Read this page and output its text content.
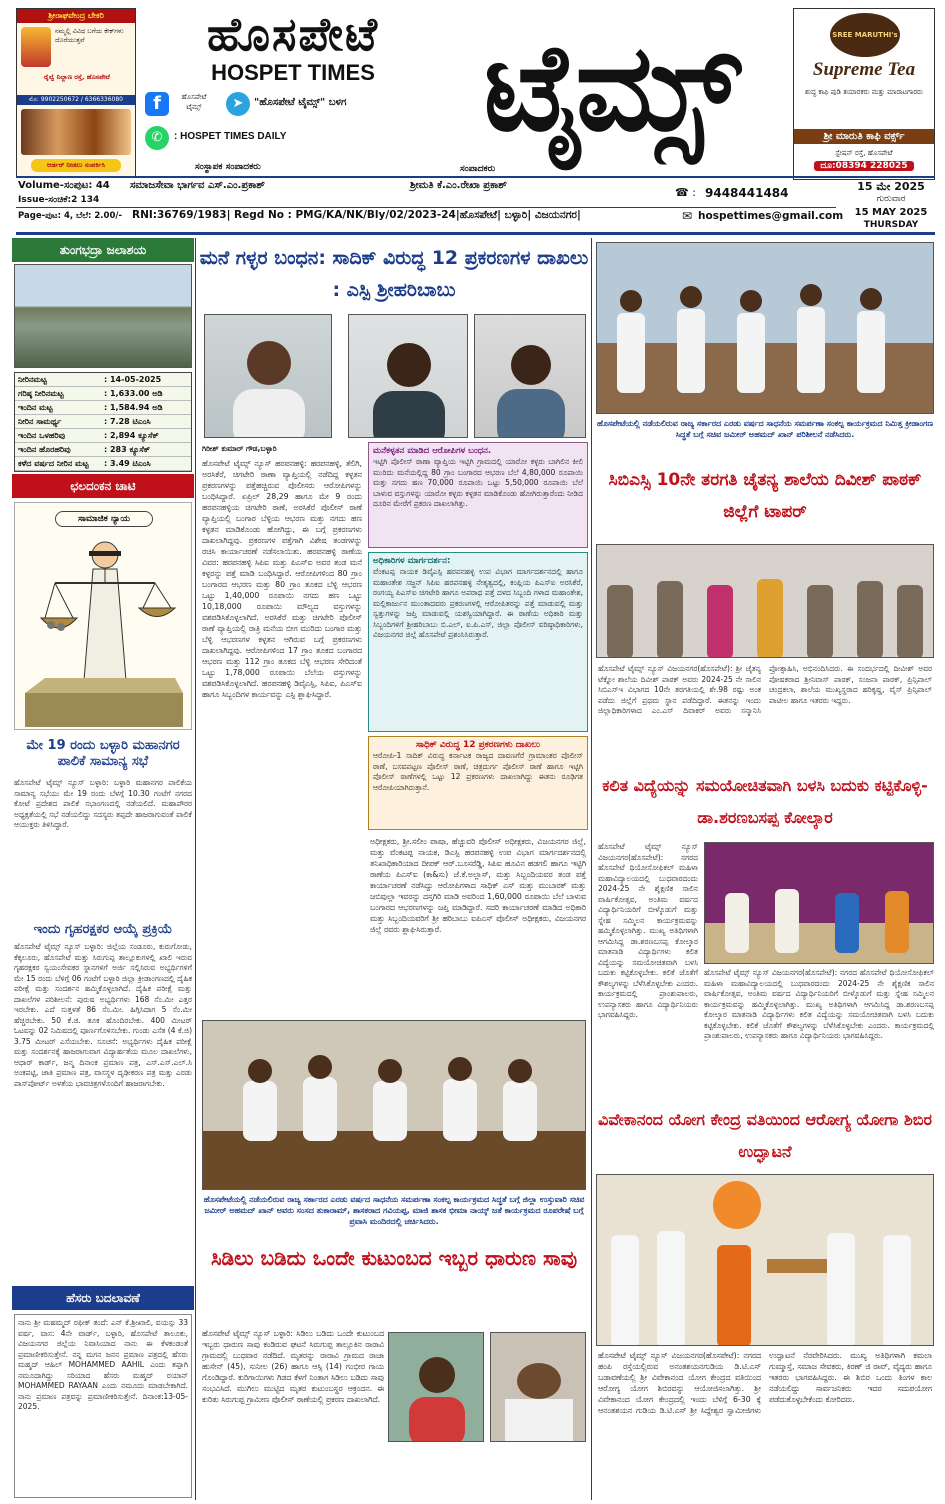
ಶ್ರೀರಾಘವೇಂದ್ರ ಬೇಕರಿ
ನಮ್ಮಲ್ಲಿ ವಿವಿಧ ಬಗೆಯ ಕೇಕ್‌ಗಳು ದೊರೆಯುತ್ತವೆ
ರೈಲ್ವೆ ನಿಲ್ದಾಣ ರಸ್ತೆ, ಹೊಸಪೇಟೆ
ಮೊ: 9902250672 / 6366336080
ಆರ್ಡರ್ ನೀಡಲು ಸಂಪರ್ಕಿಸಿ
ಹೊಸಪೇಟೆ
HOSPET TIMES ಟೈಮ್ಸ್
f	ಹೊಸಪೇಟೆ ಟೈಮ್ಸ್	➤	"ಹೊಸಪೇಟೆ ಟೈಮ್ಸ್" ಬಳಗ
✆	: HOSPET TIMES DAILY
SREE MARUTHI's
Supreme Tea
ಶುದ್ಧ ಕಾಫಿ ಪುಡಿ ತಯಾರಕರು ಮತ್ತು ಮಾರಾಟಗಾರರು
ಶ್ರೀ ಮಾರುತಿ ಕಾಫಿ ವರ್ಕ್ಸ್
ಸ್ಟೇಷನ್ ರಸ್ತೆ, ಹೊಸಪೇಟೆ
ದೂ:08394 228025
ಸಂಸ್ಥಾಪಕ ಸಂಪಾದಕರು	ಸಂಪಾದಕರು
Volume-ಸಂಪುಟ: 44 ಸಮಾಜಸೇವಾ ಭಾರ್ಗವ ಎಸ್.ಎಂ.ಪ್ರಕಾಶ್	ಶ್ರೀಮತಿ ಕೆ.ಎಂ.ರೇಖಾ ಪ್ರಕಾಶ್
☎ : 9448441484
Issue-ಸಂಚಿಕೆ:2 134
Page-ಪುಟ: 4, ಬೆಲೆ: 2.00/- RNI:36769/1983| Regd No : PMG/KA/NK/Bly/02/2023-24|ಹೊಸಪೇಟೆ| ಬಳ್ಳಾರಿ| ವಿಜಯನಗರ|	✉ hospettimes@gmail.com
15 ಮೇ 2025
ಗುರುವಾರ
15 MAY 2025
THURSDAY
ತುಂಗಭದ್ರಾ ಜಲಾಶಯ
ನೀರಿನಮಟ್ಟ	: 14-05-2025
ಗರಿಷ್ಠ ನೀರಿನಮಟ್ಟ	: 1,633.00 ಅಡಿ
ಇಂದಿನ ಮಟ್ಟ	: 1,584.94 ಅಡಿ
ನೀರಿನ ಸಾಮರ್ಥ್ಯ	: 7.28 ಟಿಎಂಸಿ
ಇಂದಿನ ಒಳಹರಿವು	: 2,894 ಕ್ಯೂಸೆಕ್
ಇಂದಿನ ಹೊರಹರಿವು	: 283 ಕ್ಯೂಸೆಕ್
ಕಳೆದ ವರ್ಷದ ನೀರಿನ ಮಟ್ಟ	: 3.49 ಟಿಎಂಸಿ
ಛಲದಂಕನ ಚಾಟಿ
ಸಾಮಾಜಿಕ ನ್ಯಾಯ
ಮೇ 19 ರಂದು ಬಳ್ಳಾರಿ ಮಹಾನಗರ ಪಾಲಿಕೆ ಸಾಮಾನ್ಯ ಸಭೆ
ಹೊಸಪೇಟೆ ಟೈಮ್ಸ್ ನ್ಯೂಸ್ ಬಳ್ಳಾರಿ: ಬಳ್ಳಾರಿ ಮಹಾನಗರ ಪಾಲಿಕೆಯ ಸಾಮಾನ್ಯ ಸಭೆಯು ಮೇ 19 ರಂದು ಬೆಳಗ್ಗೆ 10.30 ಗಂಟೆಗೆ ನಗರದ ಕೋಟೆ ಪ್ರದೇಶದ ಪಾಲಿಕೆ ಸಭಾಂಗಣದಲ್ಲಿ ನಡೆಯಲಿದೆ. ಮಹಾಪೌರರ ಅಧ್ಯಕ್ಷತೆಯಲ್ಲಿ ಸಭೆ ನಡೆಯಲಿದ್ದು ಸದಸ್ಯರು ತಪ್ಪದೇ ಹಾಜರಾಗುವಂತೆ ಪಾಲಿಕೆ ಆಯುಕ್ತರು ತಿಳಿಸಿದ್ದಾರೆ.
ಇಂದು ಗೃಹರಕ್ಷಕರ ಆಯ್ಕೆ ಪ್ರಕ್ರಿಯೆ
ಹೊಸಪೇಟೆ ಟೈಮ್ಸ್ ನ್ಯೂಸ್ ಬಳ್ಳಾರಿ: ಜಿಲ್ಲೆಯ ಸಂಡೂರು, ಕುರುಗೋಡು, ಕೆಕ್ಕಲೂರು, ಹೊಸಪೇಟೆ ಮತ್ತು ಸಿರುಗುಪ್ಪ ತಾಲ್ಲೂಕುಗಳಲ್ಲಿ ಖಾಲಿ ಇರುವ ಗೃಹರಕ್ಷಕರ ಸ್ವಯಂಸೇವಕರ ಸ್ಥಾನಗಳಿಗೆ ಅರ್ಜಿ ಸಲ್ಲಿಸಿರುವ ಅಭ್ಯರ್ಥಿಗಳಿಗೆ ಮೇ 15 ರಂದು ಬೆಳಿಗ್ಗೆ 06 ಗಂಟೆಗೆ ಬಳ್ಳಾರಿ ಜಿಲ್ಲಾ ಕ್ರೀಡಾಂಗಣದಲ್ಲಿ ದೈಹಿಕ ಪರೀಕ್ಷೆ ಮತ್ತು ಸಂದರ್ಶನ ಹಮ್ಮಿಕೊಳ್ಳಲಾಗಿದೆ. ದೈಹಿಕ ಪರೀಕ್ಷೆ ಮತ್ತು ದಾಖಲೆಗಳ ಪರಿಶೀಲನೆ: ಪುರುಷ ಅಭ್ಯರ್ಥಿಗಳು 168 ಸೆಂ.ಮೀ ಎತ್ತರ ಇರಬೇಕು. ಎದೆ ಸುತ್ತಳತೆ 86 ಸೆಂ.ಮೀ. ಹಿಗ್ಗಿಸಿದಾಗ 5 ಸೆಂ.ಮೀ ಹೆಚ್ಚಿರಬೇಕು. 50 ಕೆ.ಜಿ. ತೂಕ ಹೊಂದಿರಬೇಕು. 400 ಮೀಟರ್ ಓಟವನ್ನು 02 ನಿಮಿಷದಲ್ಲಿ ಪೂರ್ಣಗೊಳಿಸಬೇಕು. ಗುಂಡು ಎಸೆತ (4 ಕೆ.ಜಿ) 3.75 ಮೀಟರ್ ಎಸೆಯಬೇಕು. ಸೂಚನೆ: ಅಭ್ಯರ್ಥಿಗಳು ದೈಹಿಕ ಪರೀಕ್ಷೆ ಮತ್ತು ಸಂದರ್ಶನಕ್ಕೆ ಹಾಜರಾಗುವಾಗ ವಿದ್ಯಾರ್ಹತೆಯ ಮೂಲ ದಾಖಲೆಗಳು, ಆಧಾರ್ ಕಾರ್ಡ್, ಜನ್ಮ ದಿನಾಂಕ ಪ್ರಮಾಣ ಪತ್ರ, ಎಸ್.ಎಸ್.ಎಲ್.ಸಿ ಅಂಕಪಟ್ಟಿ, ಜಾತಿ ಪ್ರಮಾಣ ಪತ್ರ, ವಾಸಸ್ಥಳ ದೃಢೀಕರಣ ಪತ್ರ ಮತ್ತು ಎರಡು ಪಾಸ್‌ಪೋರ್ಟ್ ಅಳತೆಯ ಭಾವಚಿತ್ರಗಳೊಂದಿಗೆ ಹಾಜರಾಗಬೇಕು.
ಹೆಸರು ಬದಲಾವಣೆ
ನಾನು ಶ್ರೀ ಮಹಮ್ಮದ್ ರಫೀಕ್ ತಂದೆ: ಎನ್ ಕೆ.ಶ್ರೀಖಾಲಿ, ವಯಸ್ಸು 33 ವರ್ಷ, ವಾಸ: 4ನೇ ವಾರ್ಡ್, ಬಳ್ಳಾರಿ, ಹೊಸಪೇಟೆ ತಾಲೂಕು, ವಿಜಯನಗರ ಜಿಲ್ಲೆಯ ನಿವಾಸಿಯಾದ ನಾನು ಈ ಕೆಳಕಂಡಂತೆ ಪ್ರಮಾಣೀಕರಿಸುತ್ತೇನೆ. ನನ್ನ ಮಗನ ಜನನ ಪ್ರಮಾಣ ಪತ್ರದಲ್ಲಿ ಹೆಸರು ಮಹ್ಮದ್ ಆಹಿಲ್ MOHAMMED AAHIL ಎಂದು ತಪ್ಪಾಗಿ ನಮೂದಾಗಿದ್ದು ಸರಿಯಾದ ಹೆಸರು ಮಹ್ಮದ್ ರಯಾನ್ MOHAMMED RAYAAN ಎಂದು ನಮೂದು ಮಾಡಬೇಕಾಗಿದೆ. ನಾನು ಪ್ರಮಾಣ ಪತ್ರವನ್ನು ಪ್ರಮಾಣೀಕರಿಸುತ್ತೇನೆ. ದಿನಾಂಕ:13-05-2025.
ಮನೆ ಗಳ್ಳರ ಬಂಧನ: ಸಾದಿಕ್ ವಿರುದ್ಧ 12 ಪ್ರಕರಣಗಳ ದಾಖಲು : ಎಸ್ಪಿ ಶ್ರೀಹರಿಬಾಬು
ಗಿರೀಶ್ ಕುಮಾರ್ ಗೌಡ,ಬಳ್ಳಾರಿ
ಹೊಸಪೇಟೆ ಟೈಮ್ಸ್ ನ್ಯೂಸ್ ಹರಪನಹಳ್ಳಿ: ಹರಪನಹಳ್ಳಿ, ತೆಲಿಗಿ, ಅರಸಿಕೆರೆ, ಚಿಗಟೇರಿ ಠಾಣಾ ವ್ಯಾಪ್ತಿಯಲ್ಲಿ ನಡೆದಿದ್ದ ಕಳ್ಳತನ ಪ್ರಕರಣಗಳನ್ನು ಪತ್ತೆಹಚ್ಚಿರುವ ಪೊಲೀಸರು ಆರೋಪಿಗಳನ್ನು ಬಂಧಿಸಿದ್ದಾರೆ. ಏಪ್ರಿಲ್ 28,29 ಹಾಗೂ ಮೇ 9 ರಂದು ಹರಪನಹಳ್ಳಿಯ ಚಿಗಟೇರಿ ಠಾಣೆ, ಅರಸಿಕೆರೆ ಪೊಲೀಸ್ ಠಾಣೆ ವ್ಯಾಪ್ತಿಯಲ್ಲಿ ಬಂಗಾರ ಬೆಳ್ಳಿಯ ಆಭರಣ ಮತ್ತು ನಗದು ಹಣ ಕಳ್ಳತನ ಮಾಡಿಕೊಂಡು ಹೋಗಿದ್ದು, ಈ ಬಗ್ಗೆ ಪ್ರಕರಣಗಳು ದಾಖಲಾಗಿದ್ದವು. ಪ್ರಕರಣಗಳ ಪತ್ತೆಗಾಗಿ ವಿಶೇಷ ತಂಡಗಳನ್ನು ರಚಿಸಿ ಕಾರ್ಯಾಚರಣೆ ನಡೆಸಲಾಯಿತು. ಹರಪನಹಳ್ಳಿ ಠಾಣೆಯ ವಿವರ: ಹರಪನಹಳ್ಳಿ ಸಿಪಿಐ ಮತ್ತು ಪಿಎಸ್‌ಐ ಅವರ ತಂಡ ಮನೆ ಕಳ್ಳರನ್ನು ಪತ್ತೆ ಮಾಡಿ ಬಂಧಿಸಿದ್ದಾರೆ. ಆರೋಪಿಗಳಿಂದ 80 ಗ್ರಾಂ ಬಂಗಾರದ ಆಭರಣ ಮತ್ತು 80 ಗ್ರಾಂ ತೂಕದ ಬೆಳ್ಳಿ ಆಭರಣ ಒಟ್ಟು 1,40,000 ರೂಪಾಯಿ ನಗದು ಹಣ ಒಟ್ಟು 10,18,000 ರೂಪಾಯಿ ಮೌಲ್ಯದ ವಸ್ತುಗಳನ್ನು ವಶಪಡಿಸಿಕೊಳ್ಳಲಾಗಿದೆ. ಅರಸಿಕೆರೆ ಮತ್ತು ಚಿಗಟೇರಿ ಪೊಲೀಸ್ ಠಾಣೆ ವ್ಯಾಪ್ತಿಯಲ್ಲಿ ರಾತ್ರಿ ಮನೆಯ ಬೀಗ ಮುರಿದು ಬಂಗಾರ ಮತ್ತು ಬೆಳ್ಳಿ ಆಭರಣಗಳ ಕಳ್ಳತನ ಆಗಿರುವ ಬಗ್ಗೆ ಪ್ರಕರಣಗಳು ದಾಖಲಾಗಿದ್ದವು. ಆರೋಪಿಗಳಿಂದ 17 ಗ್ರಾಂ ತೂಕದ ಬಂಗಾರದ ಆಭರಣ ಮತ್ತು 112 ಗ್ರಾಂ ತೂಕದ ಬೆಳ್ಳಿ ಆಭರಣ ಸೇರಿದಂತೆ ಒಟ್ಟು 1,78,000 ರೂಪಾಯಿ ಬೆಲೆಯ ವಸ್ತುಗಳನ್ನು ವಶಪಡಿಸಿಕೊಳ್ಳಲಾಗಿದೆ. ಹರಪನಹಳ್ಳಿ ಡಿವೈಎಸ್ಪಿ, ಸಿಪಿಐ, ಪಿಎಸ್‌ಐ ಹಾಗೂ ಸಿಬ್ಬಂದಿಗಳ ಕಾರ್ಯವನ್ನು ಎಸ್ಪಿ ಶ್ಲಾಘಿಸಿದ್ದಾರೆ.
ಮನೆಕಳ್ಳತನ ಮಾಡಿದ ಆರೋಪಿಗಳ ಬಂಧನ.
ಇಟ್ಟಿಗಿ ಪೊಲೀಸ್ ಠಾಣಾ ವ್ಯಾಪ್ತಿಯ ಇಟ್ಟಿಗಿ ಗ್ರಾಮದಲ್ಲಿ ಯಾರೋ ಕಳ್ಳರು ಬಾಗಿಲಿನ ಕೀಲಿ ಮುರಿದು ಮನೆಯಲ್ಲಿದ್ದ 80 ಗ್ರಾಂ ಬಂಗಾರದ ಆಭರಣ ಬೆಲೆ 4,80,000 ರೂಪಾಯಿ ಮತ್ತು ನಗದು ಹಣ 70,000 ರೂಪಾಯಿ ಒಟ್ಟು 5,50,000 ರೂಪಾಯಿ ಬೆಲೆ ಬಾಳುವ ವಸ್ತುಗಳನ್ನು ಯಾರೋ ಕಳ್ಳರು ಕಳ್ಳತನ ಮಾಡಿಕೊಂಡು ಹೋಗಿರುತ್ತಾರೆಂದು ನೀಡಿದ ದೂರಿನ ಮೇರೆಗೆ ಪ್ರಕರಣ ದಾಖಲಾಗಿತ್ತು.
ಅಧಿಕಾರಿಗಳ ಮಾರ್ಗದರ್ಶನ:
ವೆಂಕಟಪ್ಪ ನಾಯಕ ಡಿವೈಎಸ್ಪಿ ಹರಪನಹಳ್ಳಿ ಉಪ ವಿಭಾಗ ಮಾರ್ಗದರ್ಶನದಲ್ಲಿ ಹಾಗೂ ಮಹಾಂತೇಶ ಸಜ್ಜನ್ ಸಿಪಿಐ ಹರಪನಹಳ್ಳಿ ನೇತೃತ್ವದಲ್ಲಿ, ಕಂಪ್ಲಿಯ ಪಿಎಸ್‌ಐ ಅರಸಿಕೆರೆ, ರಂಗಯ್ಯ ಪಿಎಸ್‌ಐ ಚಿಗಟೇರಿ ಹಾಗೂ ಅಪರಾಧ ಪತ್ತೆ ದಳದ ಸಿಬ್ಬಂದಿ ಗಳಾದ ಮಹಾಂತೇಶ, ಮಲ್ಲಿಕಾರ್ಜುನ ಮುಂತಾದವರು ಪ್ರಕರಣಗಳಲ್ಲಿ ಆರೋಪಿತರನ್ನು ಪತ್ತೆ ಮಾಡುವಲ್ಲಿ ಮತ್ತು ಸ್ವತ್ತುಗಳನ್ನು ಜಪ್ತಿ ಮಾಡುವಲ್ಲಿ ಯಶಸ್ವಿಯಾಗಿದ್ದಾರೆ. ಈ ಠಾಣೆಯ ಅಧಿಕಾರಿ ಮತ್ತು ಸಿಬ್ಬಂದಿಗಳಿಗೆ ಶ್ರೀಹರಿಬಾಬು ಬಿ.ಎಲ್, ಐ.ಪಿ.ಎಸ್, ಜಿಲ್ಲಾ ಪೊಲೀಸ್ ವರಿಷ್ಠಾಧಿಕಾರಿಗಳು, ವಿಜಯನಗರ ಜಿಲ್ಲೆ ಹೊಸಪೇಟೆ ಪ್ರಶಂಸಿಸಿರುತ್ತಾರೆ.
ಸಾಧಿಕ್ ವಿರುದ್ಧ 12 ಪ್ರಕರಣಗಳು ದಾಖಲು
ಆರೋಪಿ-1 ಸಾದಿಕ್ ವಿರುದ್ಧ ಕರ್ನಾಟಕ ರಾಜ್ಯದ ದಾವಣಗೆರೆ ಗ್ರಾಮಾಂತರ ಪೊಲೀಸ್ ಠಾಣೆ, ಬಸವಪಟ್ಟಣ ಪೊಲೀಸ್ ಠಾಣೆ, ಚಿತ್ರದುರ್ಗ ಪೊಲೀಸ್ ಠಾಣೆ ಹಾಗೂ ಇಟ್ಟಿಗಿ ಪೊಲೀಸ್ ಠಾಣೆಗಳಲ್ಲಿ ಒಟ್ಟು 12 ಪ್ರಕರಣಗಳು ದಾಖಲಾಗಿದ್ದು ಈತನು ರೂಢಿಗತ ಆರೋಪಿಯಾಗಿರುತ್ತಾನೆ.
ಅಧೀಕ್ಷಕರು, ಶ್ರೀ.ಸಲೀಂ ಪಾಷಾ, ಹೆಚ್ಚುವರಿ ಪೊಲೀಸ್ ಅಧೀಕ್ಷಕರು, ವಿಜಯನಗರ ಜಿಲ್ಲೆ, ಮತ್ತು ವೆಂಕಟಪ್ಪ ನಾಯಕ, ಡಿಎಸ್ಪಿ ಹರಪನಹಳ್ಳಿ ಉಪ ವಿಭಾಗ ಮಾರ್ಗದರ್ಶನದಲ್ಲಿ ತನಿಖಾಧಿಕಾರಿಯಾದ ದೀಪಕ್ ಆರ್.ಬೂಸರೆಡ್ಡಿ, ಸಿಪಿಐ ಹೂವಿನ ಹಡಗಲಿ ಹಾಗೂ ಇಟ್ಟಿಗಿ ಠಾಣೆಯ ಪಿಎಸ್‌ಐ (ಕಾ&ಸು) ಜೆ.ಕೆ.ಅಲ್ಲಾಸ್, ಮತ್ತು ಸಿಬ್ಬಂದಿಯವರ ತಂಡ ಪತ್ತೆ ಕಾರ್ಯಾಚರಣೆ ನಡೆಸಿದ್ದು ಆರೋಪಿಗಳಾದ ಸಾಧಿಕ್ ಎಸ್ ಮತ್ತು ಮುಬಾರಕ್ ಮತ್ತು ಜಬಿವುಲ್ಲಾ ಇವರನ್ನು ದಸ್ತಗಿರಿ ಮಾಡಿ ಅವರಿಂದ 1,60,000 ರೂಪಾಯಿ ಬೆಲೆ ಬಾಳುವ ಬಂಗಾರದ ಆಭರಣಗಳನ್ನು ಜಪ್ತಿ ಮಾಡಿದ್ದಾರೆ. ಸದರಿ ಕಾರ್ಯಾಚರಣೆ ಮಾಡಿದ ಅಧಿಕಾರಿ ಮತ್ತು ಸಿಬ್ಬಂದಿಯವರಿಗೆ ಶ್ರೀ ಹರಿಬಾಬು ಐಪಿಎಸ್ ಪೊಲೀಸ್ ಅಧೀಕ್ಷಕರು, ವಿಜಯನಗರ ಜಿಲ್ಲೆ ರವರು ಶ್ಲಾಘಿಸಿರುತ್ತಾರೆ.
ಹೊಸಪೇಟೆಯಲ್ಲಿ ನಡೆಯಲಿರುವ ರಾಜ್ಯ ಸರ್ಕಾರದ ಎರಡು ವರ್ಷದ ಸಾಧನೆಯ ಸಮರ್ಪಣಾ ಸಂಕಲ್ಪ ಕಾರ್ಯಕ್ರಮದ ಸಿದ್ಧತೆ ಬಗ್ಗೆ ಜಿಲ್ಲಾ ಉಸ್ತುವಾರಿ ಸಚಿವ ಜಮೀರ್ ಅಹಮದ್ ಖಾನ್ ಅವರು ಸಂಸದ ತುಕಾರಾಮ್, ಶಾಸಕರಾದ ಗವಿಯಪ್ಪ, ಮಾಜಿ ಶಾಸಕ ಭೀಮಾ ನಾಯ್ಕ್ ಜತೆ ಕಾರ್ಯಕ್ರಮದ ರೂಪರೇಷೆ ಬಗ್ಗೆ ಪ್ರವಾಸಿ ಮಂದಿರದಲ್ಲಿ ಚರ್ಚಿಸಿದರು.
ಸಿಡಿಲು ಬಡಿದು ಒಂದೇ ಕುಟುಂಬದ ಇಬ್ಬರ ಧಾರುಣ ಸಾವು
ಹೊಸಪೇಟೆ ಟೈಮ್ಸ್ ನ್ಯೂಸ್ ಬಳ್ಳಾರಿ: ಸಿಡಿಲು ಬಡಿದು ಒಂದೇ ಕುಟುಂಬದ ಇಬ್ಬರು ಧಾರುಣ ಸಾವು ಕಂಡಿರುವ ಘಟನೆ ಸಿರುಗುಪ್ಪ ತಾಲ್ಲೂಕಿನ ರಾರಾವಿ ಗ್ರಾಮದಲ್ಲಿ ಬುಧವಾರ ನಡೆದಿದೆ. ಮೃತರನ್ನು ರಾರಾವಿ ಗ್ರಾಮದ ರಾಜಾ ಹುಸೇನ್ (45), ಸುನೀಲ (26) ಹಾಗೂ ಆಸ್ಸಿ (14) ಗಂಭೀರ ಗಾಯ ಗೊಂಡಿದ್ದಾರೆ. ಕುರಿಗಾಯಿಗಳು ಗಿಡದ ಕೆಳಗೆ ನಿಂತಾಗ ಸಿಡಿಲು ಬಡಿದು ಸಾವು ಸಂಭವಿಸಿದೆ. ಮುಗಿಲು ಮುಟ್ಟಿದ ಮೃತರ ಕುಟುಂಬಸ್ಥರ ಆಕ್ರಂದನ. ಈ ಕುರಿತು ಸಿರುಗುಪ್ಪ ಗ್ರಾಮೀಣ ಪೊಲೀಸ್ ಠಾಣೆಯಲ್ಲಿ ಪ್ರಕರಣ ದಾಖಲಾಗಿದೆ.
ಹೊಸಪೇಟೆಯಲ್ಲಿ ನಡೆಯಲಿರುವ ರಾಜ್ಯ ಸರ್ಕಾರದ ಎರಡು ವರ್ಷದ ಸಾಧನೆಯ ಸಮರ್ಪಣಾ ಸಂಕಲ್ಪ ಕಾರ್ಯಕ್ರಮದ ನಿಮಿತ್ತ ಕ್ರೀಡಾಂಗಣ ಸಿದ್ಧತೆ ಬಗ್ಗೆ ಸಚಿವ ಜಮೀರ್ ಅಹಮದ್ ಖಾನ್ ಪರಿಶೀಲನೆ ನಡೆಸಿದರು.
ಸಿಬಿಎಸ್ಸಿ 10ನೇ ತರಗತಿ ಚೈತನ್ಯ ಶಾಲೆಯ ದಿವೀಶ್ ಪಾಠಕ್ ಜಿಲ್ಲೆಗೆ ಟಾಪರ್
ಹೊಸಪೇಟೆ ಟೈಮ್ಸ್ ನ್ಯೂಸ್ ವಿಜಯನಗರ(ಹೊಸಪೇಟೆ): ಶ್ರೀ ಚೈತನ್ಯ ಟೆಕ್ನೋ ಶಾಲೆಯ ದಿವೀಶ್ ಪಾಠಕ್ ಅವರು 2024-25 ನೇ ಸಾಲಿನ ಸಿಬಿಎಸ್ಇ ವಿಭಾಗದ 10ನೇ ತರಗತಿಯಲ್ಲಿ ಶೇ.98 ರಷ್ಟು ಅಂಕ ಪಡೆದು ಜಿಲ್ಲೆಗೆ ಪ್ರಥಮ ಸ್ಥಾನ ಪಡೆದಿದ್ದಾರೆ. ಈತನನ್ನು ಇಂದು ಜಿಲ್ಲಾಧಿಕಾರಿಗಳಾದ ಎಂ.ಎಸ್ ದಿವಾಕರ್ ಅವರು ಸನ್ಮಾನಿಸಿ ಪ್ರೋತ್ಸಾಹಿಸಿ, ಅಭಿನಂದಿಸಿದರು. ಈ ಸಂದರ್ಭದಲ್ಲಿ ದೀವೀಶ್ ಅವರ ಪೋಷಕರಾದ ಶ್ರೀನಿವಾಸ್ ಪಾಠಕ್, ಸಂಜನಾ ಪಾಠಕ್, ಪ್ರಿನ್ಸಿಪಾಲ್ ಚಂದ್ರಕಲಾ, ಶಾಲೆಯ ಮುಖ್ಯಸ್ಥರಾದ ಹರಿಕೃಷ್ಣ, ವೈಸ್ ಪ್ರಿನ್ಸಿಪಾಲ್ ಪಾಟೀಲ ಹಾಗೂ ಇತರರು ಇದ್ದರು.
ಕಲಿತ ವಿದ್ಯೆಯನ್ನು ಸಮಯೋಚಿತವಾಗಿ ಬಳಸಿ ಬದುಕು ಕಟ್ಟಿಕೊಳ್ಳಿ-ಡಾ.ಶರಣಬಸಪ್ಪ ಕೋಲ್ಕಾರ
ಹೊಸಪೇಟೆ ಟೈಮ್ಸ್ ನ್ಯೂಸ್ ವಿಜಯನಗರ(ಹೊಸಪೇಟೆ): ನಗರದ ಹೊಸಪೇಟೆ ಥಿಯೋಸೋಫಿಕಲ್ ಮಹಿಳಾ ಮಹಾವಿದ್ಯಾಲಯದಲ್ಲಿ ಬುಧವಾರದಂದು 2024-25 ನೇ ಶೈಕ್ಷಣಿಕ ಸಾಲಿನ ವಾರ್ಷಿಕೋತ್ಸವ, ಅಂತಿಮ ವರ್ಷದ ವಿದ್ಯಾರ್ಥಿನಿಯರಿಗೆ ಬೀಳ್ಕೊಡುಗೆ ಮತ್ತು ಸ್ನೇಹ ಸಮ್ಮಿಲನ ಕಾರ್ಯಕ್ರಮವನ್ನು ಹಮ್ಮಿಕೊಳ್ಳಲಾಗಿತ್ತು. ಮುಖ್ಯ ಅತಿಥಿಗಳಾಗಿ ಆಗಮಿಸಿದ್ದ ಡಾ.ಶರಣಬಸಪ್ಪ ಕೋಲ್ಕಾರ ಮಾತನಾಡಿ ವಿದ್ಯಾರ್ಥಿಗಳು ಕಲಿತ ವಿದ್ಯೆಯನ್ನು ಸಮಯೋಚಿತವಾಗಿ ಬಳಸಿ ಬದುಕು ಕಟ್ಟಿಕೊಳ್ಳಬೇಕು. ಕಲಿಕೆ ಜೊತೆಗೆ ಕೌಶಲ್ಯಗಳನ್ನು ಬೆಳೆಸಿಕೊಳ್ಳಬೇಕು ಎಂದರು. ಕಾರ್ಯಕ್ರಮದಲ್ಲಿ ಪ್ರಾಂಶುಪಾಲರು, ಉಪನ್ಯಾಸಕರು ಹಾಗೂ ವಿದ್ಯಾರ್ಥಿನಿಯರು ಭಾಗವಹಿಸಿದ್ದರು.
ಹೊಸಪೇಟೆ ಟೈಮ್ಸ್ ನ್ಯೂಸ್ ವಿಜಯನಗರ(ಹೊಸಪೇಟೆ): ನಗರದ ಹೊಸಪೇಟೆ ಥಿಯೋಸೋಫಿಕಲ್ ಮಹಿಳಾ ಮಹಾವಿದ್ಯಾಲಯದಲ್ಲಿ ಬುಧವಾರದಂದು 2024-25 ನೇ ಶೈಕ್ಷಣಿಕ ಸಾಲಿನ ವಾರ್ಷಿಕೋತ್ಸವ, ಅಂತಿಮ ವರ್ಷದ ವಿದ್ಯಾರ್ಥಿನಿಯರಿಗೆ ಬೀಳ್ಕೊಡುಗೆ ಮತ್ತು ಸ್ನೇಹ ಸಮ್ಮಿಲನ ಕಾರ್ಯಕ್ರಮವನ್ನು ಹಮ್ಮಿಕೊಳ್ಳಲಾಗಿತ್ತು. ಮುಖ್ಯ ಅತಿಥಿಗಳಾಗಿ ಆಗಮಿಸಿದ್ದ ಡಾ.ಶರಣಬಸಪ್ಪ ಕೋಲ್ಕಾರ ಮಾತನಾಡಿ ವಿದ್ಯಾರ್ಥಿಗಳು ಕಲಿತ ವಿದ್ಯೆಯನ್ನು ಸಮಯೋಚಿತವಾಗಿ ಬಳಸಿ ಬದುಕು ಕಟ್ಟಿಕೊಳ್ಳಬೇಕು. ಕಲಿಕೆ ಜೊತೆಗೆ ಕೌಶಲ್ಯಗಳನ್ನು ಬೆಳೆಸಿಕೊಳ್ಳಬೇಕು ಎಂದರು. ಕಾರ್ಯಕ್ರಮದಲ್ಲಿ ಪ್ರಾಂಶುಪಾಲರು, ಉಪನ್ಯಾಸಕರು ಹಾಗೂ ವಿದ್ಯಾರ್ಥಿನಿಯರು ಭಾಗವಹಿಸಿದ್ದರು.
ವಿವೇಕಾನಂದ ಯೋಗ ಕೇಂದ್ರ ವತಿಯಿಂದ ಆರೋಗ್ಯ ಯೋಗಾ ಶಿಬಿರ ಉದ್ಘಾಟನೆ
ಹೊಸಪೇಟೆ ಟೈಮ್ಸ್ ನ್ಯೂಸ್ ವಿಜಯನಗರ(ಹೊಸಪೇಟೆ): ನಗರದ ಹಂಪಿ ರಸ್ತೆಯಲ್ಲಿರುವ ಅನಂತಶಯನಗುಡಿಯ ಡಿ.ಟಿ.ಎಸ್ ಬಡಾವಣೆಯಲ್ಲಿ ಶ್ರೀ ವಿವೇಕಾನಂದ ಯೋಗ ಕೇಂದ್ರದ ವತಿಯಿಂದ ಆರೋಗ್ಯ ಯೋಗ ಶಿಬಿರವನ್ನು ಆಯೋಜಿಸಲಾಗಿತ್ತು. ಶ್ರೀ ವಿವೇಕಾನಂದ ಯೋಗ ಕೇಂದ್ರದಲ್ಲಿ ಇಂದು ಬೆಳಿಗ್ಗೆ 6-30 ಕ್ಕೆ ಆನಂತಶಯನ ಗುಡಿಯ ಡಿ.ಟಿ.ಎಸ್ ಶ್ರೀ ಸಿದ್ದೇಶ್ವರ ಸ್ವಾಮೀಜಿಗಳು ಉದ್ಘಾಟನೆ ನೆರವೇರಿಸಿದರು. ಮುಖ್ಯ ಅತಿಥಿಗಳಾಗಿ ಕಮಲಾ ಗುಮ್ಮಾಸ್ತೆ, ಸಮಾಜ ಸೇವಕರು, ಕಿರಣ್ ಜಿ ರಾವ್, ವೈದ್ಯರು ಹಾಗೂ ಇತರರು ಭಾಗವಹಿಸಿದ್ದರು. ಈ ಶಿಬಿರ ಒಂದು ತಿಂಗಳ ಕಾಲ ನಡೆಯಲಿದ್ದು ಸಾರ್ವಜನಿಕರು ಇದರ ಸದುಪಯೋಗ ಪಡೆದುಕೊಳ್ಳಬೇಕೆಂದು ಕೋರಿದರು.
